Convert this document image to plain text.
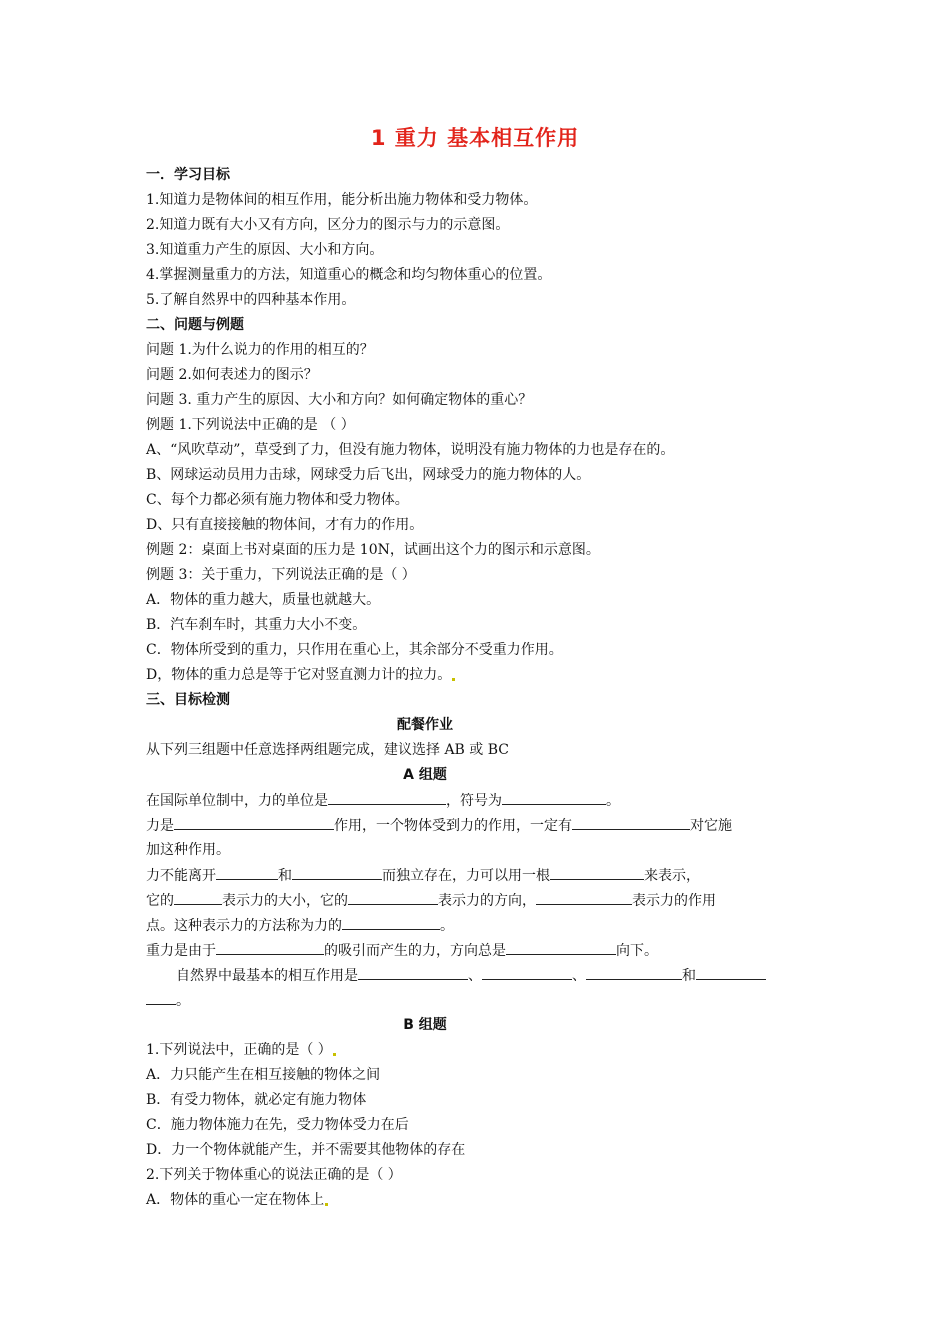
1 重力 基本相互作用
一．学习目标
1.知道力是物体间的相互作用，能分析出施力物体和受力物体。
2.知道力既有大小又有方向，区分力的图示与力的示意图。
3.知道重力产生的原因、大小和方向。
4.掌握测量重力的方法，知道重心的概念和均匀物体重心的位置。
5.了解自然界中的四种基本作用。
二、问题与例题
问题 1.为什么说力的作用的相互的？
问题 2.如何表述力的图示？
问题 3. 重力产生的原因、大小和方向？如何确定物体的重心？
例题 1.下列说法中正确的是 （ ）
A、“风吹草动”，草受到了力，但没有施力物体，说明没有施力物体的力也是存在的。
B、网球运动员用力击球，网球受力后飞出，网球受力的施力物体的人。
C、每个力都必须有施力物体和受力物体。
D、只有直接接触的物体间，才有力的作用。
例题 2：桌面上书对桌面的压力是 10N，试画出这个力的图示和示意图。
例题 3：关于重力，下列说法正确的是（ ）
A．物体的重力越大，质量也就越大。
B．汽车刹车时，其重力大小不变。
C．物体所受到的重力，只作用在重心上，其余部分不受重力作用。
D，物体的重力总是等于它对竖直测力计的拉力。
三、目标检测
配餐作业
从下列三组题中任意选择两组题完成，建议选择 AB 或 BC
A 组题
在国际单位制中，力的单位是	，符号为	。
力是	作用，一个物体受到力的作用，一定有	对它施
加这种作用。
力不能离开	和	而独立存在，力可以用一根	来表示，
它的	表示力的大小，它的	表示力的方向，	表示力的作用
点。这种表示力的方法称为力的	。
重力是由于	的吸引而产生的力，方向总是	向下。
自然界中最基本的相互作用是	、	、	和
。
B 组题
1.下列说法中，正确的是（ ）
A．力只能产生在相互接触的物体之间
B．有受力物体，就必定有施力物体
C．施力物体施力在先，受力物体受力在后
D．力一个物体就能产生，并不需要其他物体的存在
2.下列关于物体重心的说法正确的是（ ）
A．物体的重心一定在物体上
